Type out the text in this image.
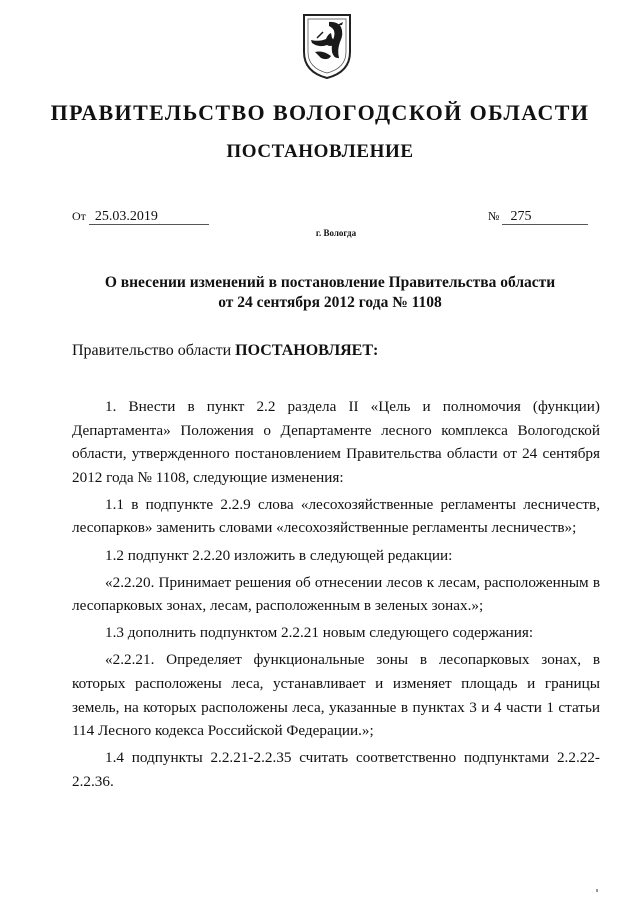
ПРАВИТЕЛЬСТВО ВОЛОГОДСКОЙ ОБЛАСТИ
ПОСТАНОВЛЕНИЕ
От 25.03.2019	№ 275
г. Вологда
О внесении изменений в постановление Правительства области
от 24 сентября 2012 года № 1108
Правительство области ПОСТАНОВЛЯЕТ:

1. Внести в пункт 2.2 раздела II «Цель и полномочия (функции) Департамента» Положения о Департаменте лесного комплекса Вологодской области, утвержденного постановлением Правительства области от 24 сентября 2012 года № 1108, следующие изменения:

1.1 в подпункте 2.2.9 слова «лесохозяйственные регламенты лесничеств, лесопарков» заменить словами «лесохозяйственные регламенты лесничеств»;

1.2 подпункт 2.2.20 изложить в следующей редакции:

«2.2.20. Принимает решения об отнесении лесов к лесам, расположенным в лесопарковых зонах, лесам, расположенным в зеленых зонах.»;

1.3 дополнить подпунктом 2.2.21 новым следующего содержания:

«2.2.21. Определяет функциональные зоны в лесопарковых зонах, в которых расположены леса, устанавливает и изменяет площадь и границы земель, на которых расположены леса, указанные в пунктах 3 и 4 части 1 статьи 114 Лесного кодекса Российской Федерации.»;

1.4 подпункты 2.2.21-2.2.35 считать соответственно подпунктами 2.2.22-2.2.36.
